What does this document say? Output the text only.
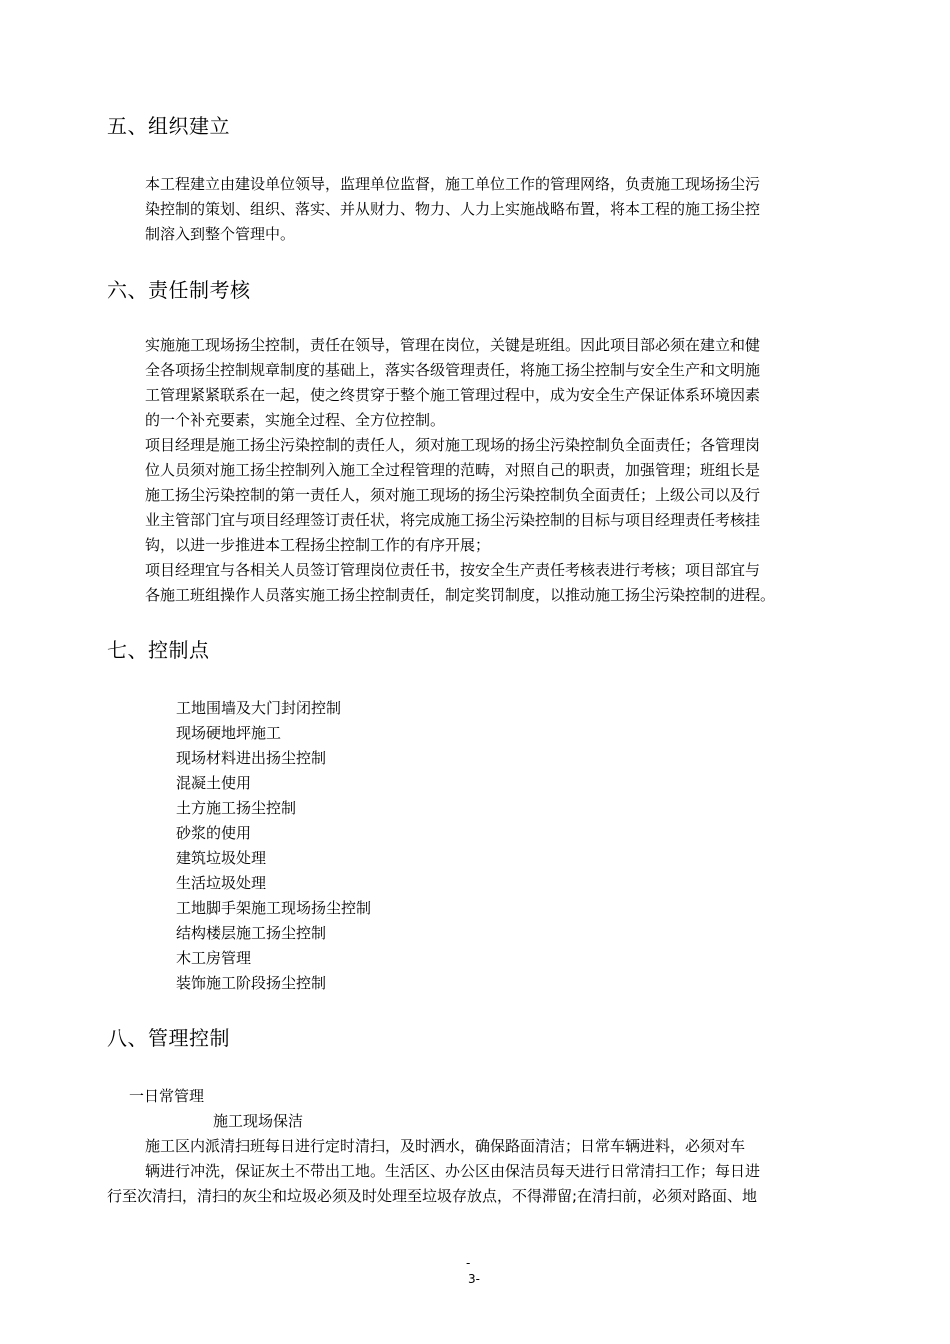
五、组织建立
本工程建立由建设单位领导，监理单位监督，施工单位工作的管理网络，负责施工现场扬尘污
染控制的策划、组织、落实、并从财力、物力、人力上实施战略布置，将本工程的施工扬尘控
制溶入到整个管理中。
六、责任制考核
实施施工现场扬尘控制，责任在领导，管理在岗位，关键是班组。因此项目部必须在建立和健
全各项扬尘控制规章制度的基础上，落实各级管理责任，将施工扬尘控制与安全生产和文明施
工管理紧紧联系在一起，使之终贯穿于整个施工管理过程中，成为安全生产保证体系环境因素
的一个补充要素，实施全过程、全方位控制。
项目经理是施工扬尘污染控制的责任人，须对施工现场的扬尘污染控制负全面责任；各管理岗
位人员须对施工扬尘控制列入施工全过程管理的范畴，对照自己的职责，加强管理；班组长是
施工扬尘污染控制的第一责任人，须对施工现场的扬尘污染控制负全面责任；上级公司以及行
业主管部门宜与项目经理签订责任状，将完成施工扬尘污染控制的目标与项目经理责任考核挂
钩，以进一步推进本工程扬尘控制工作的有序开展；
项目经理宜与各相关人员签订管理岗位责任书，按安全生产责任考核表进行考核；项目部宜与
各施工班组操作人员落实施工扬尘控制责任，制定奖罚制度，以推动施工扬尘污染控制的进程。
七、控制点
工地围墙及大门封闭控制
现场硬地坪施工
现场材料进出扬尘控制
混凝土使用
土方施工扬尘控制
砂浆的使用
建筑垃圾处理
生活垃圾处理
工地脚手架施工现场扬尘控制
结构楼层施工扬尘控制
木工房管理
装饰施工阶段扬尘控制
八、管理控制
一日常管理
施工现场保洁
施工区内派清扫班每日进行定时清扫，及时洒水，确保路面清洁；日常车辆进料，必须对车
辆进行冲洗，保证灰土不带出工地。生活区、办公区由保洁员每天进行日常清扫工作；每日进
行至次清扫，清扫的灰尘和垃圾必须及时处理至垃圾存放点，不得滞留;在清扫前，必须对路面、地
-
3-
